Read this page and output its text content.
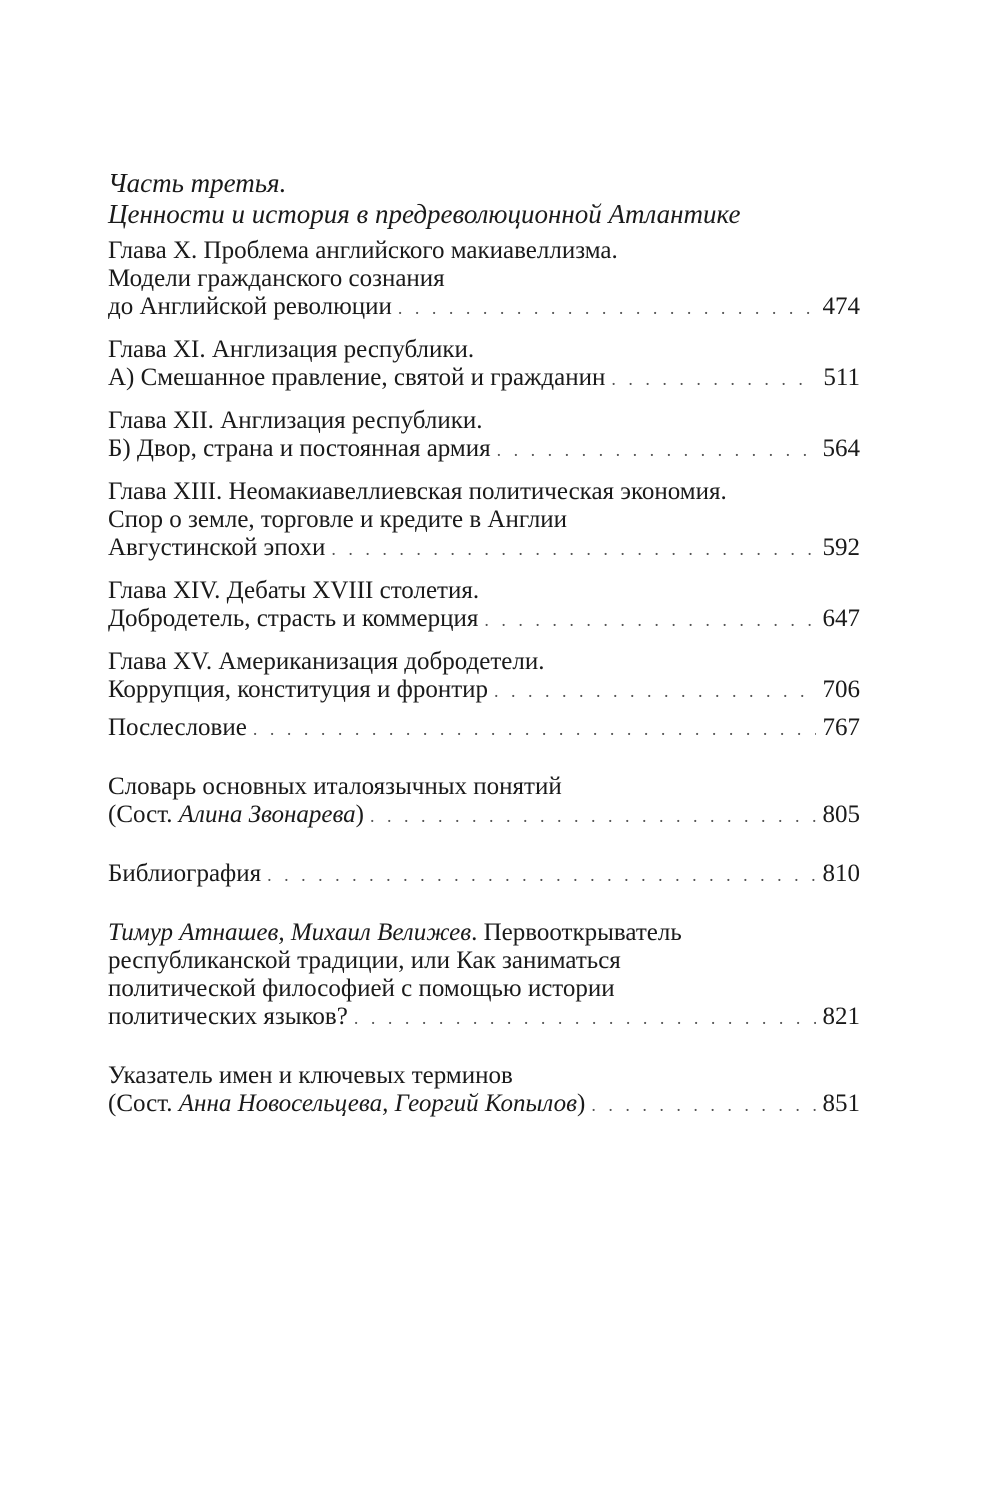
Часть третья.
Ценности и история в предреволюционной Атлантике
Глава X. Проблема английского макиавеллизма.
Модели гражданского сознания
до Английской революции . . .	474
Глава XI. Англизация республики.
А) Смешанное правление, святой и гражданин . . .	511
Глава XII. Англизация республики.
Б) Двор, страна и постоянная армия . . .	564
Глава XIII. Неомакиавеллиевская политическая экономия.
Спор о земле, торговле и кредите в Англии
Августинской эпохи . . .	592
Глава XIV. Дебаты XVIII столетия.
Добродетель, страсть и коммерция . . .	647
Глава XV. Американизация добродетели.
Коррупция, конституция и фронтир . . .	706
Послесловие . . .	767
Словарь основных италоязычных понятий
(Сост. Алина Звонарева) . . .	805
Библиография . . .	810
Тимур Атнашев, Михаил Велижев. Первооткрыватель
республиканской традиции, или Как заниматься
политической философией с помощью истории
политических языков? . . .	821
Указатель имен и ключевых терминов
(Сост. Анна Новосельцева, Георгий Копылов) . . .	851
